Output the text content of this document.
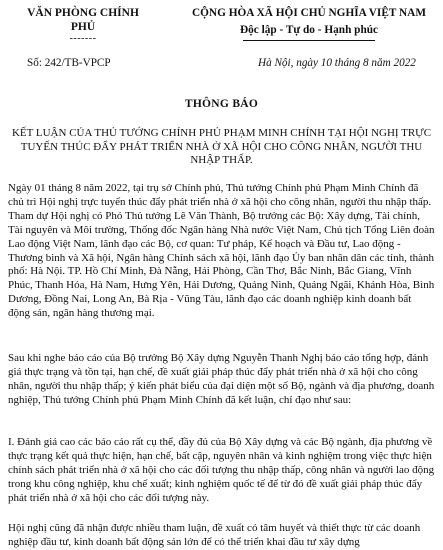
VĂN PHÒNG CHÍNH
PHỦ
-------
Số: 242/TB-VPCP
CỘNG HÒA XÃ HỘI CHỦ NGHĨA VIỆT NAM
Độc lập - Tự do - Hạnh phúc
Hà Nội, ngày 10 tháng 8 năm 2022
THÔNG BÁO
KẾT LUẬN CỦA THỦ TƯỚNG CHÍNH PHỦ PHẠM MINH CHÍNH TẠI HỘI NGHỊ TRỰC TUYẾN THÚC ĐẨY PHÁT TRIỂN NHÀ Ở XÃ HỘI CHO CÔNG NHÂN, NGƯỜI THU NHẬP THẤP.
Ngày 01 tháng 8 năm 2022, tại trụ sở Chính phủ, Thủ tướng Chính phủ Phạm Minh Chính đã chủ trì Hội nghị trực tuyến thúc đẩy phát triển nhà ở xã hội cho công nhân, người thu nhập thấp. Tham dự Hội nghị có Phó Thủ tướng Lê Văn Thành, Bộ trưởng các Bộ: Xây dựng, Tài chính, Tài nguyên và Môi trường, Thống đốc Ngân hàng Nhà nước Việt Nam, Chủ tịch Tổng Liên đoàn Lao động Việt Nam, lãnh đạo các Bộ, cơ quan: Tư pháp, Kế hoạch và Đầu tư, Lao động - Thương binh và Xã hội, Ngân hàng Chính sách xã hội, lãnh đạo Ủy ban nhân dân các tỉnh, thành phố: Hà Nội. TP. Hồ Chí Minh, Đà Nẵng, Hải Phòng, Cần Thơ, Bắc Ninh, Bắc Giang, Vĩnh Phúc, Thanh Hóa, Hà Nam, Hưng Yên, Hải Dương, Quảng Ninh, Quảng Ngãi, Khánh Hòa, Bình Dương, Đồng Nai, Long An, Bà Rịa - Vũng Tàu, lãnh đạo các doanh nghiệp kinh doanh bất động sản, ngân hàng thương mại.
Sau khi nghe báo cáo của Bộ trưởng Bộ Xây dựng Nguyễn Thanh Nghị báo cáo tổng hợp, đánh giá thực trạng và tồn tại, hạn chế, đề xuất giải pháp thúc đẩy phát triển nhà ở xã hội cho công nhân, người thu nhập thấp; ý kiến phát biểu của đại diện một số Bộ, ngành và địa phương, doanh nghiệp, Thủ tướng Chính phủ Phạm Minh Chính đã kết luận, chỉ đạo như sau:
I. Đánh giá cao các báo cáo rất cụ thể, đầy đủ của Bộ Xây dựng và các Bộ ngành, địa phương về thực trạng kết quả thực hiện, hạn chế, bất cập, nguyên nhân và kinh nghiệm trong việc thực hiện chính sách phát triển nhà ở xã hội cho các đối tượng thu nhập thấp, công nhân và người lao động trong khu công nghiệp, khu chế xuất; kinh nghiệm quốc tế để từ đó đề xuất giải pháp thúc đẩy phát triển nhà ở xã hội cho các đối tượng này.
Hội nghị cũng đã nhận được nhiều tham luận, đề xuất có tâm huyết và thiết thực từ các doanh nghiệp đầu tư, kinh doanh bất động sản lớn để có thể triển khai đầu tư xây dựng
